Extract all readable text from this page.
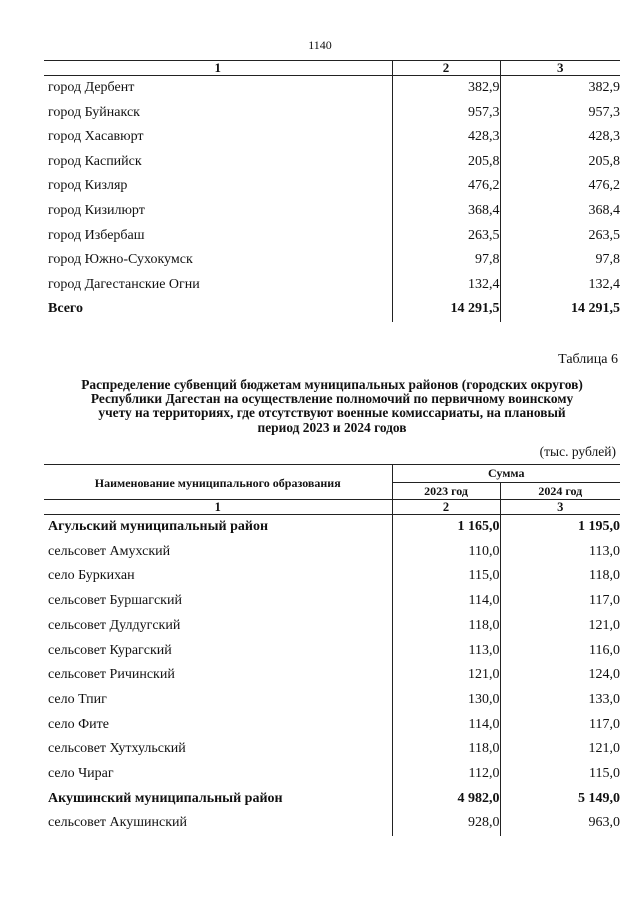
1140
1	2	3
город Дербент	382,9	382,9
город Буйнакск	957,3	957,3
город Хасавюрт	428,3	428,3
город Каспийск	205,8	205,8
город Кизляр	476,2	476,2
город Кизилюрт	368,4	368,4
город Избербаш	263,5	263,5
город Южно-Сухокумск	97,8	97,8
город Дагестанские Огни	132,4	132,4
Всего	14 291,5	14 291,5
Таблица 6
Распределение субвенций бюджетам муниципальных районов (городских округов)
Республики Дагестан на осуществление полномочий по первичному воинскому
учету на территориях, где отсутствуют военные комиссариаты, на плановый
период 2023 и 2024 годов
(тыс. рублей)
Наименование муниципального образования	Сумма	
	2023 год	2024 год
1	2	3
Агульский муниципальный район	1 165,0	1 195,0
сельсовет Амухский	110,0	113,0
село Буркихан	115,0	118,0
сельсовет Буршагский	114,0	117,0
сельсовет Дулдугский	118,0	121,0
сельсовет Курагский	113,0	116,0
сельсовет Ричинский	121,0	124,0
село Тпиг	130,0	133,0
село Фите	114,0	117,0
сельсовет Хутхульский	118,0	121,0
село Чираг	112,0	115,0
Акушинский муниципальный район	4 982,0	5 149,0
сельсовет Акушинский	928,0	963,0
